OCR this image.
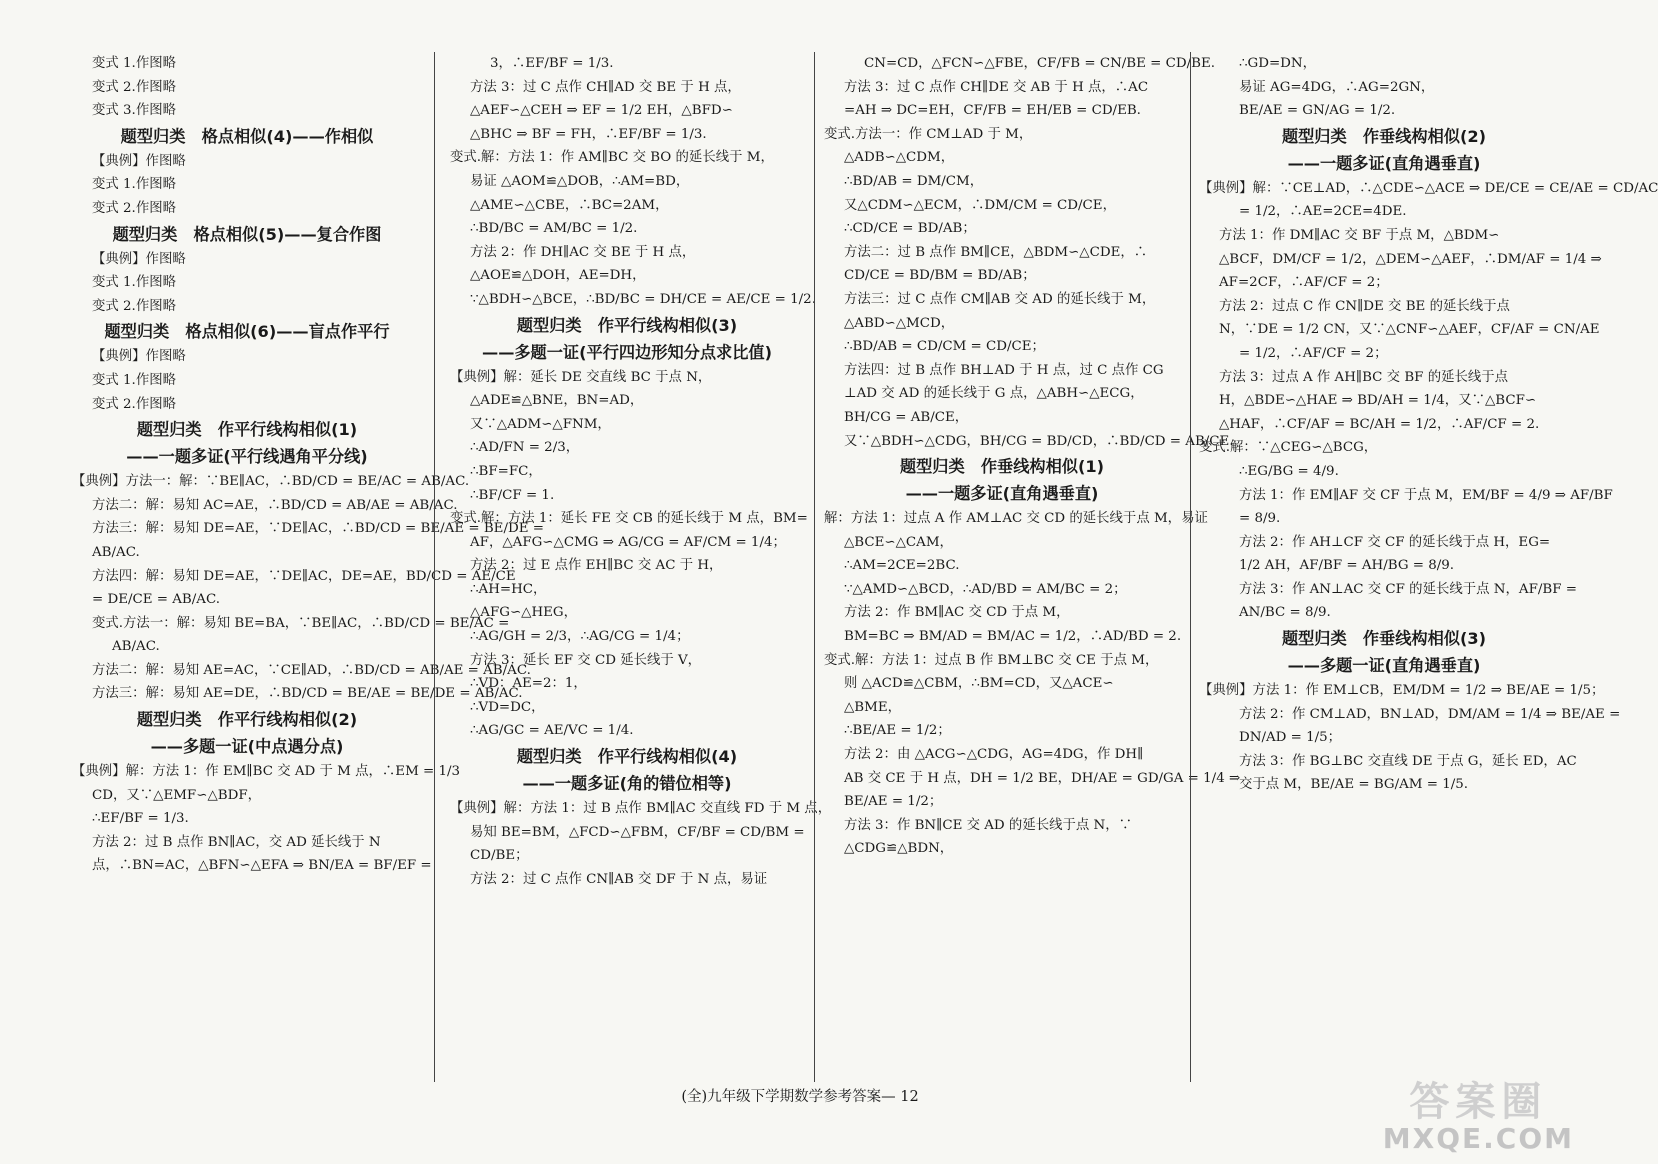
变式 1.作图略
变式 2.作图略
变式 3.作图略
题型归类　格点相似(4)——作相似
【典例】作图略
变式 1.作图略
变式 2.作图略
题型归类　格点相似(5)——复合作图
【典例】作图略
变式 1.作图略
变式 2.作图略
题型归类　格点相似(6)——盲点作平行
【典例】作图略
变式 1.作图略
变式 2.作图略
题型归类　作平行线构相似(1)
——一题多证(平行线遇角平分线)
【典例】方法一：解：∵BE∥AC，∴BD/CD = BE/AC = AB/AC.
方法二：解：易知 AC=AE，∴BD/CD = AB/AE = AB/AC.
方法三：解：易知 DE=AE，∵DE∥AC，∴BD/CD = BE/AE = BE/DE =
AB/AC.
方法四：解：易知 DE=AE，∵DE∥AC，DE=AE，BD/CD = AE/CE
= DE/CE = AB/AC.
变式.方法一：解：易知 BE=BA，∵BE∥AC，∴BD/CD = BE/AC =
AB/AC.
方法二：解：易知 AE=AC，∵CE∥AD，∴BD/CD = AB/AE = AB/AC.
方法三：解：易知 AE=DE，∴BD/CD = BE/AE = BE/DE = AB/AC.
题型归类　作平行线构相似(2)
——多题一证(中点遇分点)
【典例】解：方法 1：作 EM∥BC 交 AD 于 M 点，∴EM = 1/3
CD，又∵△EMF∽△BDF，
∴EF/BF = 1/3.
方法 2：过 B 点作 BN∥AC，交 AD 延长线于 N
点，∴BN=AC，△BFN∽△EFA ⇒ BN/EA = BF/EF =
3，∴EF/BF = 1/3.
方法 3：过 C 点作 CH∥AD 交 BE 于 H 点，
△AEF∽△CEH ⇒ EF = 1/2 EH，△BFD∽
△BHC ⇒ BF = FH，∴EF/BF = 1/3.
变式.解：方法 1：作 AM∥BC 交 BO 的延长线于 M，
易证 △AOM≌△DOB，∴AM=BD，
△AME∽△CBE，∴BC=2AM，
∴BD/BC = AM/BC = 1/2.
方法 2：作 DH∥AC 交 BE 于 H 点，
△AOE≌△DOH，AE=DH，
∵△BDH∽△BCE，∴BD/BC = DH/CE = AE/CE = 1/2.
题型归类　作平行线构相似(3)
——多题一证(平行四边形知分点求比值)
【典例】解：延长 DE 交直线 BC 于点 N，
△ADE≌△BNE，BN=AD，
又∵△ADM∽△FNM，
∴AD/FN = 2/3，
∴BF=FC，
∴BF/CF = 1.
变式.解：方法 1：延长 FE 交 CB 的延长线于 M 点，BM=
AF，△AFG∽△CMG ⇒ AG/CG = AF/CM = 1/4；
方法 2：过 E 点作 EH∥BC 交 AC 于 H，
∴AH=HC，
△AFG∽△HEG，
∴AG/GH = 2/3，∴AG/CG = 1/4；
方法 3：延长 EF 交 CD 延长线于 V，
∴VD：AE=2：1，
∴VD=DC，
∴AG/GC = AE/VC = 1/4.
题型归类　作平行线构相似(4)
——一题多证(角的错位相等)
【典例】解：方法 1：过 B 点作 BM∥AC 交直线 FD 于 M 点，
易知 BE=BM，△FCD∽△FBM，CF/BF = CD/BM =
CD/BE；
方法 2：过 C 点作 CN∥AB 交 DF 于 N 点，易证
CN=CD，△FCN∽△FBE，CF/FB = CN/BE = CD/BE.
方法 3：过 C 点作 CH∥DE 交 AB 于 H 点，∴AC
=AH ⇒ DC=EH，CF/FB = EH/EB = CD/EB.
变式.方法一：作 CM⊥AD 于 M，
△ADB∽△CDM，
∴BD/AB = DM/CM，
又△CDM∽△ECM，∴DM/CM = CD/CE，
∴CD/CE = BD/AB；
方法二：过 B 点作 BM∥CE，△BDM∽△CDE，∴
CD/CE = BD/BM = BD/AB；
方法三：过 C 点作 CM∥AB 交 AD 的延长线于 M，
△ABD∽△MCD，
∴BD/AB = CD/CM = CD/CE；
方法四：过 B 点作 BH⊥AD 于 H 点，过 C 点作 CG
⊥AD 交 AD 的延长线于 G 点，△ABH∽△ECG，
BH/CG = AB/CE，
又∵△BDH∽△CDG，BH/CG = BD/CD，∴BD/CD = AB/CE.
题型归类　作垂线构相似(1)
——一题多证(直角遇垂直)
解：方法 1：过点 A 作 AM⊥AC 交 CD 的延长线于点 M，易证
△BCE∽△CAM，
∴AM=2CE=2BC.
∵△AMD∽△BCD，∴AD/BD = AM/BC = 2；
方法 2：作 BM∥AC 交 CD 于点 M，
BM=BC ⇒ BM/AD = BM/AC = 1/2，∴AD/BD = 2.
变式.解：方法 1：过点 B 作 BM⊥BC 交 CE 于点 M，
则 △ACD≌△CBM，∴BM=CD，又△ACE∽
△BME，
∴BE/AE = 1/2；
方法 2：由 △ACG∽△CDG，AG=4DG，作 DH∥
AB 交 CE 于 H 点，DH = 1/2 BE，DH/AE = GD/GA = 1/4 ⇒
BE/AE = 1/2；
方法 3：作 BN∥CE 交 AD 的延长线于点 N，∵
△CDG≌△BDN，
∴GD=DN，
易证 AG=4DG，∴AG=2GN，
BE/AE = GN/AG = 1/2.
题型归类　作垂线构相似(2)
——一题多证(直角遇垂直)
【典例】解：∵CE⊥AD，∴△CDE∽△ACE ⇒ DE/CE = CE/AE = CD/AC
= 1/2，∴AE=2CE=4DE.
方法 1：作 DM∥AC 交 BF 于点 M，△BDM∽
△BCF，DM/CF = 1/2，△DEM∽△AEF，∴DM/AF = 1/4 ⇒
AF=2CF，∴AF/CF = 2；
方法 2：过点 C 作 CN∥DE 交 BE 的延长线于点
N，∵DE = 1/2 CN，又∵△CNF∽△AEF，CF/AF = CN/AE
= 1/2，∴AF/CF = 2；
方法 3：过点 A 作 AH∥BC 交 BF 的延长线于点
H，△BDE∽△HAE ⇒ BD/AH = 1/4，又∵△BCF∽
△HAF，∴CF/AF = BC/AH = 1/2，∴AF/CF = 2.
变式.解：∵△CEG∽△BCG，
∴EG/BG = 4/9.
方法 1：作 EM∥AF 交 CF 于点 M，EM/BF = 4/9 ⇒ AF/BF
= 8/9.
方法 2：作 AH⊥CF 交 CF 的延长线于点 H，EG=
1/2 AH，AF/BF = AH/BG = 8/9.
方法 3：作 AN⊥AC 交 CF 的延长线于点 N，AF/BF =
AN/BC = 8/9.
题型归类　作垂线构相似(3)
——多题一证(直角遇垂直)
【典例】方法 1：作 EM⊥CB，EM/DM = 1/2 ⇒ BE/AE = 1/5；
方法 2：作 CM⊥AD，BN⊥AD，DM/AM = 1/4 ⇒ BE/AE =
DN/AD = 1/5；
方法 3：作 BG⊥BC 交直线 DE 于点 G，延长 ED，AC
交于点 M，BE/AE = BG/AM = 1/5.
(全)九年级下学期数学参考答案— 12	答案圈
MXQE.COM
